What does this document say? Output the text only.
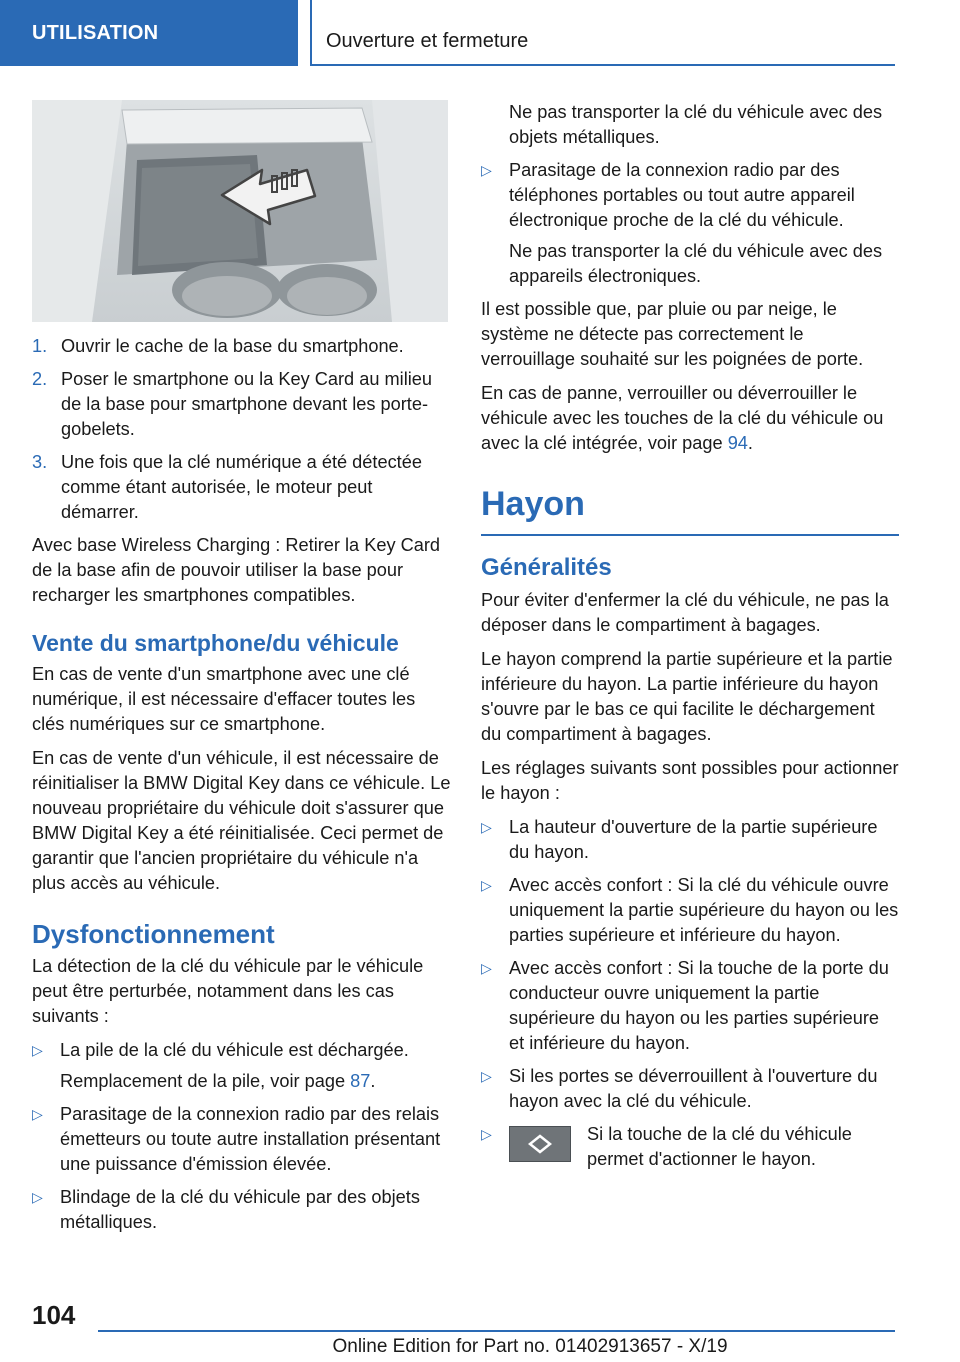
UTILISATION	Ouverture et fermeture
1. Ouvrir le cache de la base du smartphone.
2. Poser le smartphone ou la Key Card au milieu de la base pour smartphone devant les porte-gobelets.
3. Une fois que la clé numérique a été détectée comme étant autorisée, le moteur peut démarrer.

Avec base Wireless Charging : Retirer la Key Card de la base afin de pouvoir utiliser la base pour recharger les smartphones compatibles.

Vente du smartphone/du véhicule

En cas de vente d'un smartphone avec une clé numérique, il est nécessaire d'effacer toutes les clés numériques sur ce smartphone.

En cas de vente d'un véhicule, il est nécessaire de réinitialiser la BMW Digital Key dans ce véhicule. Le nouveau propriétaire du véhicule doit s'assurer que BMW Digital Key a été réinitialisée. Ceci permet de garantir que l'ancien propriétaire du véhicule n'a plus accès au véhicule.

Dysfonctionnement

La détection de la clé du véhicule par le véhicule peut être perturbée, notamment dans les cas suivants :

▷ La pile de la clé du véhicule est déchargée.
Remplacement de la pile, voir page 87.
▷ Parasitage de la connexion radio par des relais émetteurs ou toute autre installation présentant une puissance d'émission élevée.
▷ Blindage de la clé du véhicule par des objets métalliques.

Ne pas transporter la clé du véhicule avec des objets métalliques.

▷ Parasitage de la connexion radio par des téléphones portables ou tout autre appareil électronique proche de la clé du véhicule.
Ne pas transporter la clé du véhicule avec des appareils électroniques.

Il est possible que, par pluie ou par neige, le système ne détecte pas correctement le verrouillage souhaité sur les poignées de porte.

En cas de panne, verrouiller ou déverrouiller le véhicule avec les touches de la clé du véhicule ou avec la clé intégrée, voir page 94.

Hayon
Généralités

Pour éviter d'enfermer la clé du véhicule, ne pas la déposer dans le compartiment à bagages.

Le hayon comprend la partie supérieure et la partie inférieure du hayon. La partie inférieure du hayon s'ouvre par le bas ce qui facilite le déchargement du compartiment à bagages.

Les réglages suivants sont possibles pour actionner le hayon :

▷ La hauteur d'ouverture de la partie supérieure du hayon.
▷ Avec accès confort : Si la clé du véhicule ouvre uniquement la partie supérieure du hayon ou les parties supérieure et inférieure du hayon.
▷ Avec accès confort : Si la touche de la porte du conducteur ouvre uniquement la partie supérieure du hayon ou les parties supérieure et inférieure du hayon.
▷ Si les portes se déverrouillent à l'ouverture du hayon avec la clé du véhicule.
▷	Si la touche de la clé du véhicule permet d'actionner le hayon.
104
Online Edition for Part no. 01402913657 - X/19
